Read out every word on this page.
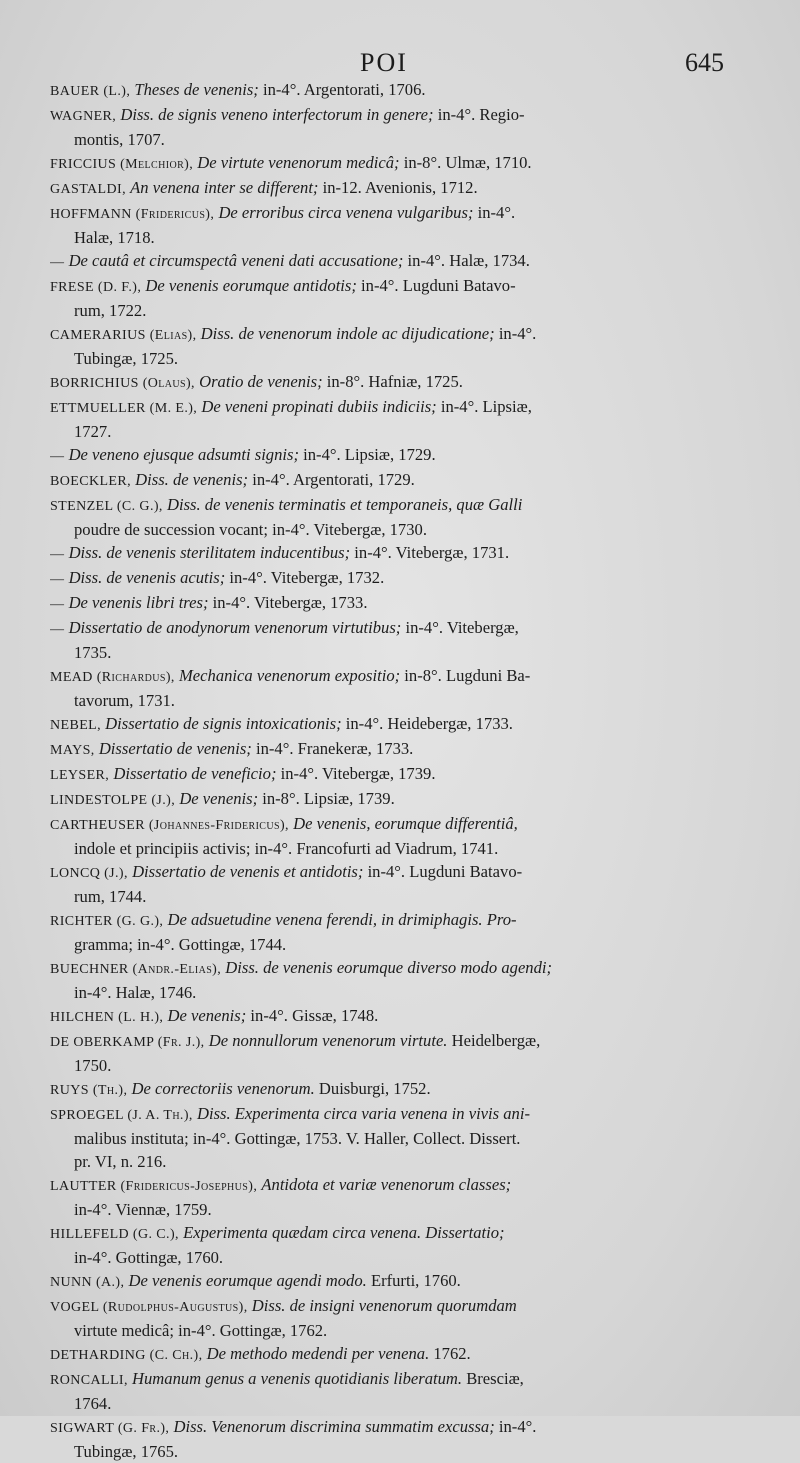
POI	645
BAUER (L.), Theses de venenis; in-4°. Argentorati, 1706.
WAGNER, Diss. de signis veneno interfectorum in genere; in-4°. Regio-
montis, 1707.
FRICCIUS (Melchior), De virtute venenorum medicâ; in-8°. Ulmæ, 1710.
GASTALDI, An venena inter se different; in-12. Avenionis, 1712.
HOFFMANN (Fridericus), De erroribus circa venena vulgaribus; in-4°.
Halæ, 1718.
— De cautâ et circumspectâ veneni dati accusatione; in-4°. Halæ, 1734.
FRESE (D. F.), De venenis eorumque antidotis; in-4°. Lugduni Batavo-
rum, 1722.
CAMERARIUS (Elias), Diss. de venenorum indole ac dijudicatione; in-4°.
Tubingæ, 1725.
BORRICHIUS (Olaus), Oratio de venenis; in-8°. Hafniæ, 1725.
ETTMUELLER (M. E.), De veneni propinati dubiis indiciis; in-4°. Lipsiæ,
1727.
— De veneno ejusque adsumti signis; in-4°. Lipsiæ, 1729.
BOECKLER, Diss. de venenis; in-4°. Argentorati, 1729.
STENZEL (C. G.), Diss. de venenis terminatis et temporaneis, quæ Galli
poudre de succession vocant; in-4°. Vitebergæ, 1730.
— Diss. de venenis sterilitatem inducentibus; in-4°. Vitebergæ, 1731.
— Diss. de venenis acutis; in-4°. Vitebergæ, 1732.
— De venenis libri tres; in-4°. Vitebergæ, 1733.
— Dissertatio de anodynorum venenorum virtutibus; in-4°. Vitebergæ,
1735.
MEAD (Richardus), Mechanica venenorum expositio; in-8°. Lugduni Ba-
tavorum, 1731.
NEBEL, Dissertatio de signis intoxicationis; in-4°. Heidebergæ, 1733.
MAYS, Dissertatio de venenis; in-4°. Franekeræ, 1733.
LEYSER, Dissertatio de veneficio; in-4°. Vitebergæ, 1739.
LINDESTOLPE (J.), De venenis; in-8°. Lipsiæ, 1739.
CARTHEUSER (Johannes-Fridericus), De venenis, eorumque differentiâ,
indole et principiis activis; in-4°. Francofurti ad Viadrum, 1741.
LONCQ (J.), Dissertatio de venenis et antidotis; in-4°. Lugduni Batavo-
rum, 1744.
RICHTER (G. G.), De adsuetudine venena ferendi, in drimiphagis. Pro-
gramma; in-4°. Gottingæ, 1744.
BUECHNER (Andr.-Elias), Diss. de venenis eorumque diverso modo agendi;
in-4°. Halæ, 1746.
HILCHEN (L. H.), De venenis; in-4°. Gissæ, 1748.
DE OBERKAMP (Fr. J.), De nonnullorum venenorum virtute. Heidelbergæ,
1750.
RUYS (Th.), De correctoriis venenorum. Duisburgi, 1752.
SPROEGEL (J. A. Th.), Diss. Experimenta circa varia venena in vivis ani-
malibus instituta; in-4°. Gottingæ, 1753. V. Haller, Collect. Dissert.
pr. VI, n. 216.
LAUTTER (Fridericus-Josephus), Antidota et variæ venenorum classes;
in-4°. Viennæ, 1759.
HILLEFELD (G. C.), Experimenta quædam circa venena. Dissertatio;
in-4°. Gottingæ, 1760.
NUNN (A.), De venenis eorumque agendi modo. Erfurti, 1760.
VOGEL (Rudolphus-Augustus), Diss. de insigni venenorum quorumdam
virtute medicâ; in-4°. Gottingæ, 1762.
DETHARDING (C. Ch.), De methodo medendi per venena. 1762.
RONCALLI, Humanum genus a venenis quotidianis liberatum. Bresciæ,
1764.
SIGWART (G. Fr.), Diss. Venenorum discrimina summatim excussa; in-4°.
Tubingæ, 1765.
